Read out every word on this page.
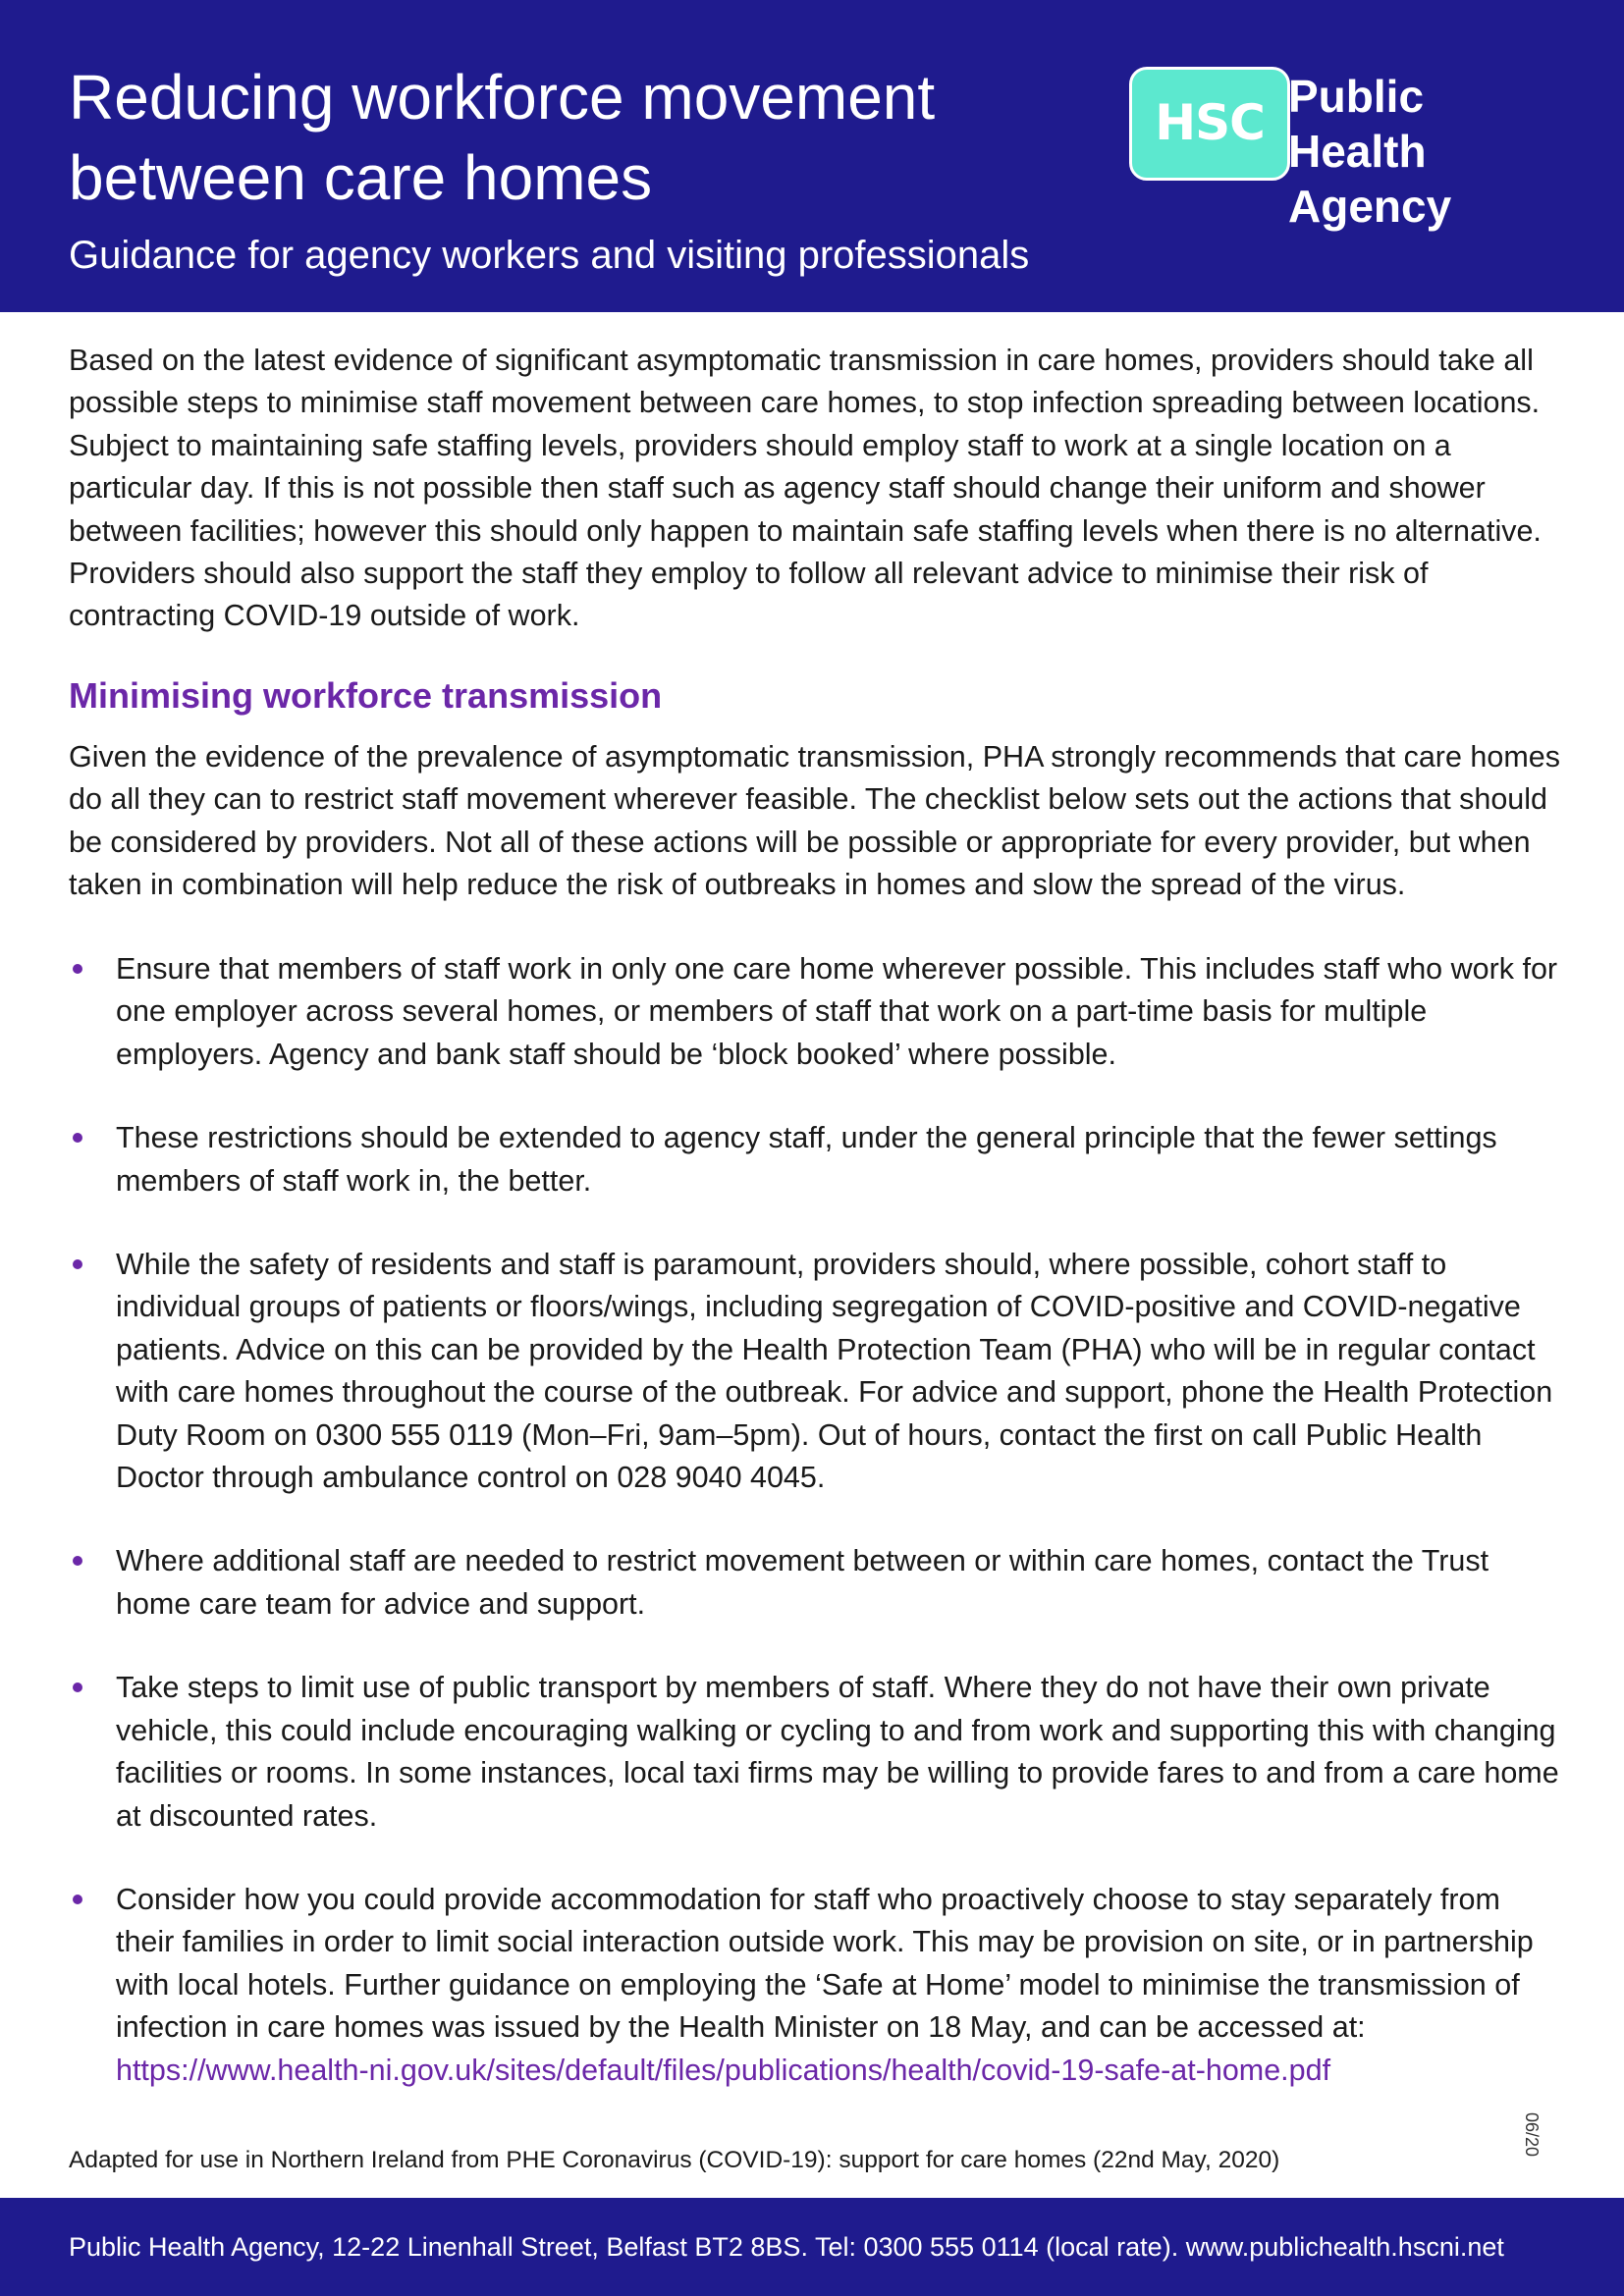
Reducing workforce movement between care homes
Guidance for agency workers and visiting professionals
HSC Public Health
Agency

Based on the latest evidence of significant asymptomatic transmission in care homes, providers should take all possible steps to minimise staff movement between care homes, to stop infection spreading between locations. Subject to maintaining safe staffing levels, providers should employ staff to work at a single location on a particular day. If this is not possible then staff such as agency staff should change their uniform and shower between facilities; however this should only happen to maintain safe staffing levels when there is no alternative. Providers should also support the staff they employ to follow all relevant advice to minimise their risk of contracting COVID-19 outside of work.

Minimising workforce transmission

Given the evidence of the prevalence of asymptomatic transmission, PHA strongly recommends that care homes do all they can to restrict staff movement wherever feasible. The checklist below sets out the actions that should be considered by providers. Not all of these actions will be possible or appropriate for every provider, but when taken in combination will help reduce the risk of outbreaks in homes and slow the spread of the virus.

Ensure that members of staff work in only one care home wherever possible. This includes staff who work for one employer across several homes, or members of staff that work on a part-time basis for multiple employers. Agency and bank staff should be ‘block booked’ where possible.
These restrictions should be extended to agency staff, under the general principle that the fewer settings members of staff work in, the better.
While the safety of residents and staff is paramount, providers should, where possible, cohort staff to individual groups of patients or floors/wings, including segregation of COVID-positive and COVID-negative patients. Advice on this can be provided by the Health Protection Team (PHA) who will be in regular contact with care homes throughout the course of the outbreak. For advice and support, phone the Health Protection Duty Room on 0300 555 0119 (Mon–Fri, 9am–5pm). Out of hours, contact the first on call Public Health Doctor through ambulance control on 028 9040 4045.
Where additional staff are needed to restrict movement between or within care homes, contact the Trust home care team for advice and support.
Take steps to limit use of public transport by members of staff. Where they do not have their own private vehicle, this could include encouraging walking or cycling to and from work and supporting this with changing facilities or rooms. In some instances, local taxi firms may be willing to provide fares to and from a care home at discounted rates.
Consider how you could provide accommodation for staff who proactively choose to stay separately from their families in order to limit social interaction outside work. This may be provision on site, or in partnership with local hotels. Further guidance on employing the ‘Safe at Home’ model to minimise the transmission of infection in care homes was issued by the Health Minister on 18 May, and can be accessed at:
https://www.health-ni.gov.uk/sites/default/files/publications/health/covid-19-safe-at-home.pdf
06/20
Adapted for use in Northern Ireland from PHE Coronavirus (COVID-19): support for care homes (22nd May, 2020)
Public Health Agency, 12-22 Linenhall Street, Belfast BT2 8BS. Tel: 0300 555 0114 (local rate). www.publichealth.hscni.net
